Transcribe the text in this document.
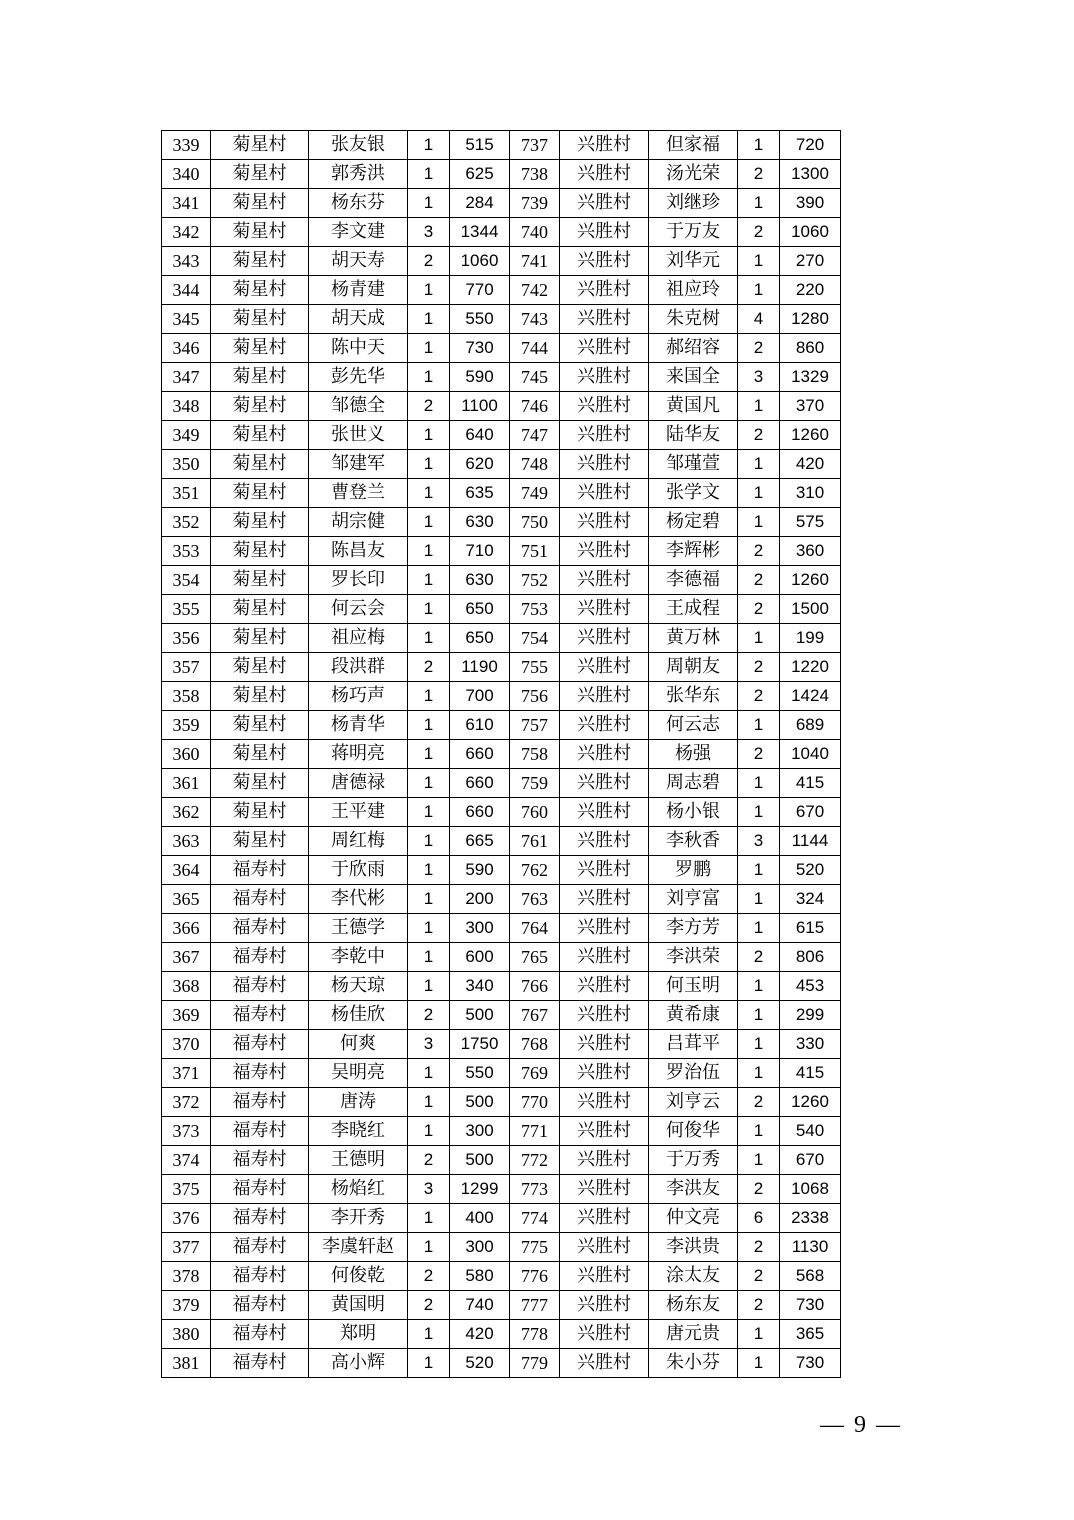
339	菊星村	张友银	1	515	737	兴胜村	但家福	1	720
340	菊星村	郭秀洪	1	625	738	兴胜村	汤光荣	2	1300
341	菊星村	杨东芬	1	284	739	兴胜村	刘继珍	1	390
342	菊星村	李文建	3	1344	740	兴胜村	于万友	2	1060
343	菊星村	胡天寿	2	1060	741	兴胜村	刘华元	1	270
344	菊星村	杨青建	1	770	742	兴胜村	祖应玲	1	220
345	菊星村	胡天成	1	550	743	兴胜村	朱克树	4	1280
346	菊星村	陈中天	1	730	744	兴胜村	郝绍容	2	860
347	菊星村	彭先华	1	590	745	兴胜村	来国全	3	1329
348	菊星村	邹德全	2	1100	746	兴胜村	黄国凡	1	370
349	菊星村	张世义	1	640	747	兴胜村	陆华友	2	1260
350	菊星村	邹建军	1	620	748	兴胜村	邹瑾萱	1	420
351	菊星村	曹登兰	1	635	749	兴胜村	张学文	1	310
352	菊星村	胡宗健	1	630	750	兴胜村	杨定碧	1	575
353	菊星村	陈昌友	1	710	751	兴胜村	李辉彬	2	360
354	菊星村	罗长印	1	630	752	兴胜村	李德福	2	1260
355	菊星村	何云会	1	650	753	兴胜村	王成程	2	1500
356	菊星村	祖应梅	1	650	754	兴胜村	黄万林	1	199
357	菊星村	段洪群	2	1190	755	兴胜村	周朝友	2	1220
358	菊星村	杨巧声	1	700	756	兴胜村	张华东	2	1424
359	菊星村	杨青华	1	610	757	兴胜村	何云志	1	689
360	菊星村	蒋明亮	1	660	758	兴胜村	杨强	2	1040
361	菊星村	唐德禄	1	660	759	兴胜村	周志碧	1	415
362	菊星村	王平建	1	660	760	兴胜村	杨小银	1	670
363	菊星村	周红梅	1	665	761	兴胜村	李秋香	3	1144
364	福寿村	于欣雨	1	590	762	兴胜村	罗鹏	1	520
365	福寿村	李代彬	1	200	763	兴胜村	刘亨富	1	324
366	福寿村	王德学	1	300	764	兴胜村	李方芳	1	615
367	福寿村	李乾中	1	600	765	兴胜村	李洪荣	2	806
368	福寿村	杨天琼	1	340	766	兴胜村	何玉明	1	453
369	福寿村	杨佳欣	2	500	767	兴胜村	黄希康	1	299
370	福寿村	何爽	3	1750	768	兴胜村	吕茸平	1	330
371	福寿村	吴明亮	1	550	769	兴胜村	罗治伍	1	415
372	福寿村	唐涛	1	500	770	兴胜村	刘亨云	2	1260
373	福寿村	李晓红	1	300	771	兴胜村	何俊华	1	540
374	福寿村	王德明	2	500	772	兴胜村	于万秀	1	670
375	福寿村	杨焰红	3	1299	773	兴胜村	李洪友	2	1068
376	福寿村	李开秀	1	400	774	兴胜村	仲文亮	6	2338
377	福寿村	李虞轩赵	1	300	775	兴胜村	李洪贵	2	1130
378	福寿村	何俊乾	2	580	776	兴胜村	涂太友	2	568
379	福寿村	黄国明	2	740	777	兴胜村	杨东友	2	730
380	福寿村	郑明	1	420	778	兴胜村	唐元贵	1	365
381	福寿村	高小辉	1	520	779	兴胜村	朱小芬	1	730
— 9 —
